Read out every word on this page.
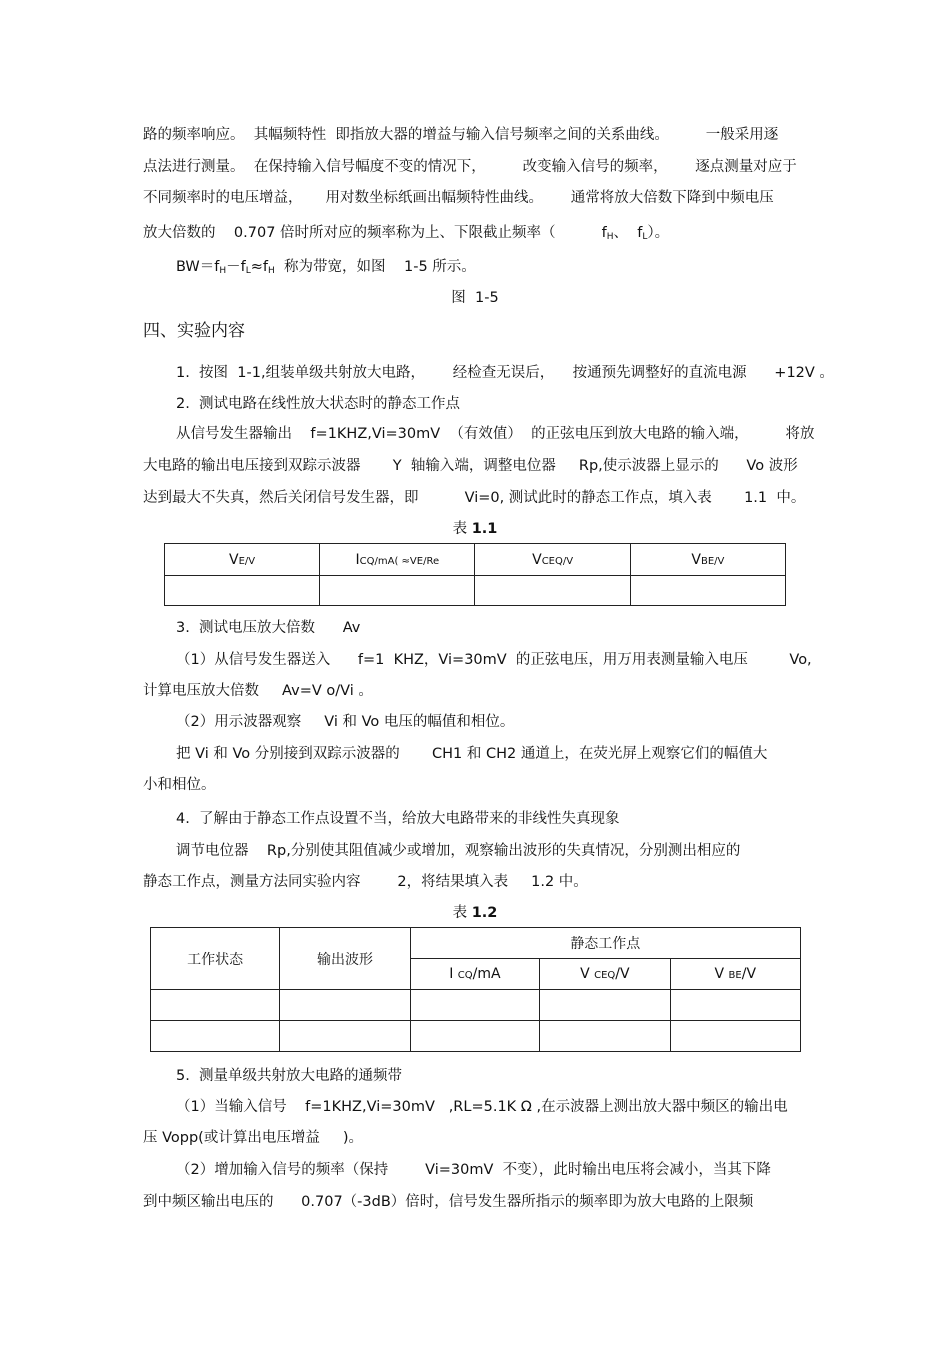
路的频率响应。  其幅频特性  即指放大器的增益与输入信号频率之间的关系曲线。        一般采用逐
点法进行测量。  在保持输入信号幅度不变的情况下，        改变输入信号的频率，      逐点测量对应于
不同频率时的电压增益，     用对数坐标纸画出幅频特性曲线。      通常将放大倍数下降到中频电压
放大倍数的    0.707 倍时所对应的频率称为上、下限截止频率（          $f_H$、  $f_L$）。
$BW=f_H-f_L\approx f_H$  称为带宽，如图    1-5 所示。
图  1-5
四、实验内容
1.  按图  1-1,组装单级共射放大电路，      经检查无误后，    按通预先调整好的直流电源      +12V 。
2.  测试电路在线性放大状态时的静态工作点
从信号发生器输出    f=1KHZ,Vi=30mV  （有效值）  的正弦电压到放大电路的输入端，        将放
大电路的输出电压接到双踪示波器       Y  轴输入端，调整电位器     Rp,使示波器上显示的      Vo 波形
达到最大不失真，然后关闭信号发生器，即          Vi=0, 测试此时的静态工作点，填入表       1.1  中。
表 1.1
VE/V	ICQ/mA( ≈VE/Re	VCEQ/V	VBE/V

3.  测试电压放大倍数      Av
（1）从信号发生器送入      f=1  KHZ，Vi=30mV  的正弦电压，用万用表测量输入电压         Vo,
计算电压放大倍数     Av=V o/Vi 。
（2）用示波器观察     Vi 和 Vo 电压的幅值和相位。
把 Vi 和 Vo 分别接到双踪示波器的       CH1 和 CH2 通道上，在荧光屏上观察它们的幅值大
小和相位。
4.  了解由于静态工作点设置不当，给放大电路带来的非线性失真现象
调节电位器    Rp,分别使其阻值减少或增加，观察输出波形的失真情况，分别测出相应的
静态工作点，测量方法同实验内容        2，将结果填入表     1.2 中。
表 1.2
工作状态	输出波形	静态工作点		
		I CQ/mA	V CEQ/V	V BE/V

5.  测量单级共射放大电路的通频带
（1）当输入信号    f=1KHZ,Vi=30mV   ,RL=5.1K Ω ,在示波器上测出放大器中频区的输出电
压 Vopp(或计算出电压增益     )。
（2）增加输入信号的频率（保持        Vi=30mV  不变），此时输出电压将会减小，当其下降
到中频区输出电压的      0.707（-3dB）倍时，信号发生器所指示的频率即为放大电路的上限频
